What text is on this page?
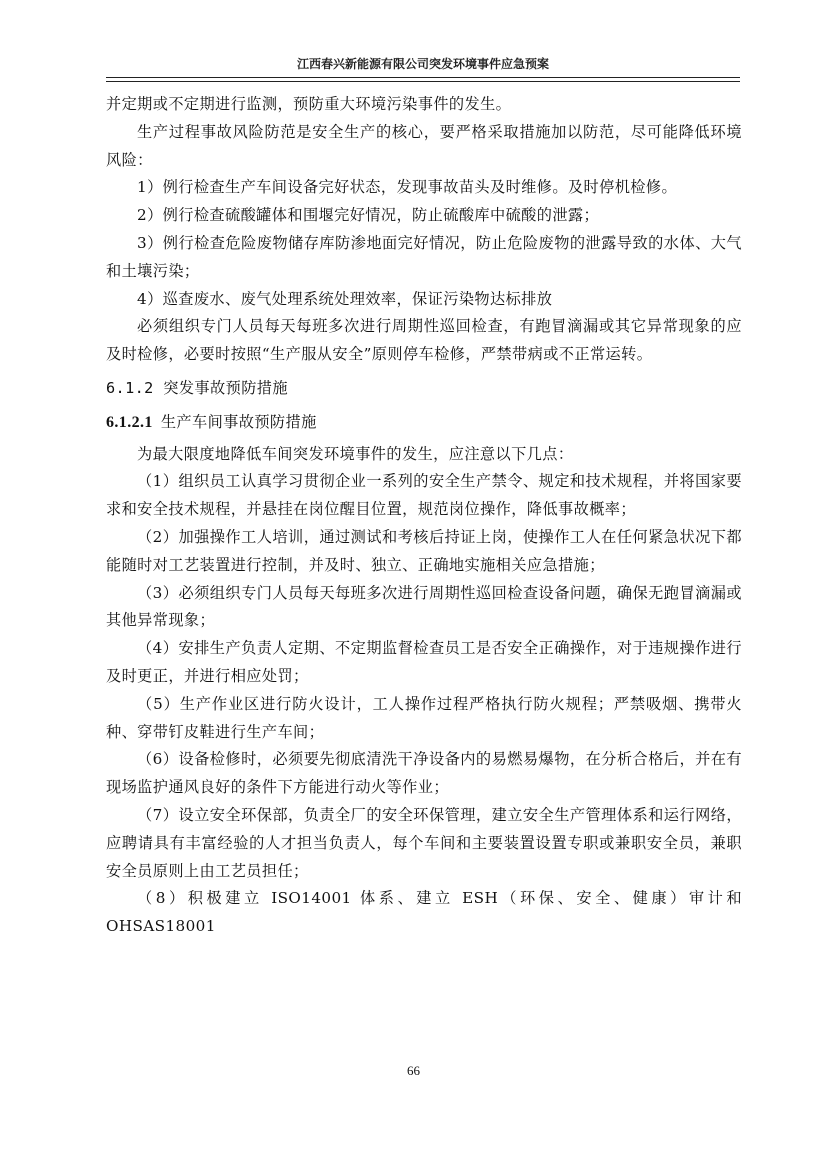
江西春兴新能源有限公司突发环境事件应急预案

并定期或不定期进行监测，预防重大环境污染事件的发生。

生产过程事故风险防范是安全生产的核心，要严格采取措施加以防范，尽可能降低环境风险：

1）例行检查生产车间设备完好状态，发现事故苗头及时维修。及时停机检修。

2）例行检查硫酸罐体和围堰完好情况，防止硫酸库中硫酸的泄露；

3）例行检查危险废物储存库防渗地面完好情况，防止危险废物的泄露导致的水体、大气和土壤污染；

4）巡查废水、废气处理系统处理效率，保证污染物达标排放

必须组织专门人员每天每班多次进行周期性巡回检查，有跑冒滴漏或其它异常现象的应及时检修，必要时按照“生产服从安全”原则停车检修，严禁带病或不正常运转。

6.1.2 突发事故预防措施
6.1.2.1 生产车间事故预防措施

为最大限度地降低车间突发环境事件的发生，应注意以下几点：

（1）组织员工认真学习贯彻企业一系列的安全生产禁令、规定和技术规程，并将国家要求和安全技术规程，并悬挂在岗位醒目位置，规范岗位操作，降低事故概率；

（2）加强操作工人培训，通过测试和考核后持证上岗，使操作工人在任何紧急状况下都能随时对工艺装置进行控制，并及时、独立、正确地实施相关应急措施；

（3）必须组织专门人员每天每班多次进行周期性巡回检查设备问题，确保无跑冒滴漏或其他异常现象；

（4）安排生产负责人定期、不定期监督检查员工是否安全正确操作，对于违规操作进行及时更正，并进行相应处罚；

（5）生产作业区进行防火设计，工人操作过程严格执行防火规程；严禁吸烟、携带火种、穿带钉皮鞋进行生产车间；

（6）设备检修时，必须要先彻底清洗干净设备内的易燃易爆物，在分析合格后，并在有现场监护通风良好的条件下方能进行动火等作业；

（7）设立安全环保部，负责全厂的安全环保管理，建立安全生产管理体系和运行网络，应聘请具有丰富经验的人才担当负责人，每个车间和主要装置设置专职或兼职安全员，兼职安全员原则上由工艺员担任；

（8）积极建立 ISO14001 体系、建立 ESH（环保、安全、健康）审计和 OHSAS18001

66
